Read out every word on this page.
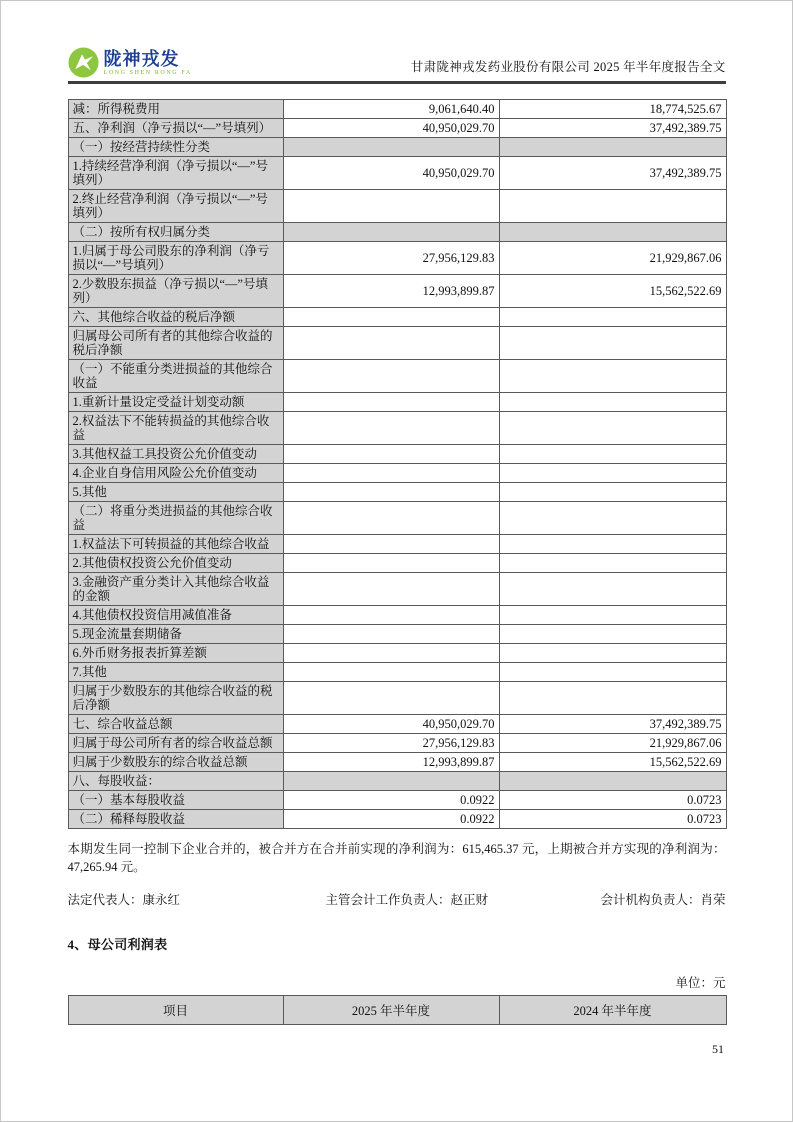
陇神戎发
LONG SHEN RONG FA	甘肃陇神戎发药业股份有限公司 2025 年半年度报告全文
减：所得税费用	9,061,640.40	18,774,525.67
五、净利润（净亏损以“—”号填列）	40,950,029.70	37,492,389.75
（一）按经营持续性分类		
1.持续经营净利润（净亏损以“—”号填列）	40,950,029.70	37,492,389.75
2.终止经营净利润（净亏损以“—”号填列）		
（二）按所有权归属分类		
1.归属于母公司股东的净利润（净亏损以“—”号填列）	27,956,129.83	21,929,867.06
2.少数股东损益（净亏损以“—”号填列）	12,993,899.87	15,562,522.69
六、其他综合收益的税后净额		
归属母公司所有者的其他综合收益的税后净额		
（一）不能重分类进损益的其他综合收益		
1.重新计量设定受益计划变动额		
2.权益法下不能转损益的其他综合收益		
3.其他权益工具投资公允价值变动		
4.企业自身信用风险公允价值变动		
5.其他		
（二）将重分类进损益的其他综合收益		
1.权益法下可转损益的其他综合收益		
2.其他债权投资公允价值变动		
3.金融资产重分类计入其他综合收益的金额		
4.其他债权投资信用减值准备		
5.现金流量套期储备		
6.外币财务报表折算差额		
7.其他		
归属于少数股东的其他综合收益的税后净额		
七、综合收益总额	40,950,029.70	37,492,389.75
归属于母公司所有者的综合收益总额	27,956,129.83	21,929,867.06
归属于少数股东的综合收益总额	12,993,899.87	15,562,522.69
八、每股收益：		
（一）基本每股收益	0.0922	0.0723
（二）稀释每股收益	0.0922	0.0723
本期发生同一控制下企业合并的，被合并方在合并前实现的净利润为：615,465.37 元，上期被合并方实现的净利润为：47,265.94 元。
法定代表人：康永红	主管会计工作负责人：赵正财	会计机构负责人：肖荣
4、母公司利润表
单位：元
项目	2025 年半年度	2024 年半年度
51
